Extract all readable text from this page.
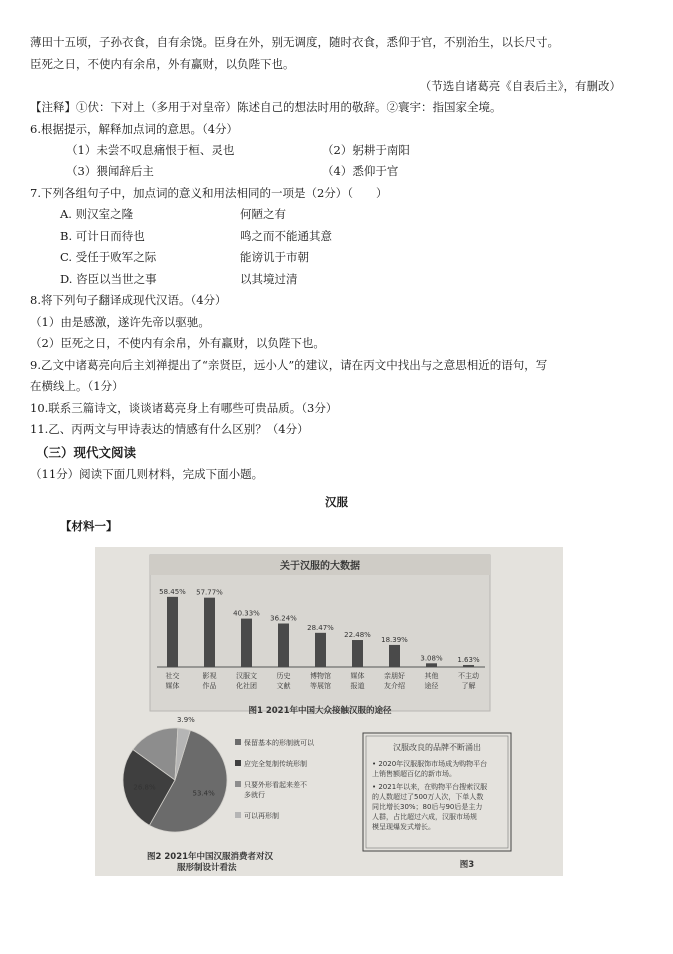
薄田十五顷，子孙衣食，自有余饶。臣身在外，别无调度，随时衣食，悉仰于官，不别治生，以长尺寸。
臣死之日，不使内有余帛，外有赢财，以负陛下也。
（节选自诸葛亮《自表后主》，有删改）
【注释】①伏：下对上（多用于对皇帝）陈述自己的想法时用的敬辞。②寰宇：指国家全境。
6.根据提示，解释加点词的意思。（4分）
（1）未尝不叹息痛恨于桓、灵也	（2）躬耕于南阳
（3）猥闻辞后主	（4）悉仰于官
7.下列各组句子中，加点词的意义和用法相同的一项是（2分）（　　）
A. 则汉室之隆	何陋之有
B. 可计日而待也	鸣之而不能通其意
C. 受任于败军之际	能谤讥于市朝
D. 咨臣以当世之事	以其境过清
8.将下列句子翻译成现代汉语。（4分）
（1）由是感激，遂许先帝以驱驰。
（2）臣死之日，不使内有余帛，外有赢财，以负陛下也。
9.乙文中诸葛亮向后主刘禅提出了“亲贤臣，远小人”的建议，请在丙文中找出与之意思相近的语句，写
在横线上。（1分）
10.联系三篇诗文，谈谈诸葛亮身上有哪些可贵品质。（3分）
11.乙、丙两文与甲诗表达的情感有什么区别？（4分）
（三）现代文阅读
（11分）阅读下面几则材料，完成下面小题。
汉服
【材料一】
关于汉服的大数据
58.45%
社交
媒体
57.77%
影视
作品
40.33%
汉服文
化社团
36.24%
历史
文献
28.47%
博物馆
等展馆
22.48%
媒体
报道
18.39%
亲朋好
友介绍
3.08%
其他
途径
1.63%
不主动
了解
图1 2021年中国大众接触汉服的途径
53.4%
26.8%
3.9%
保留基本的形制就可以
应完全复制传统形制
只要外形看起来差不
多就行
可以再形制
图2 2021年中国汉服消费者对汉
服形制设计看法
汉服改良的品牌不断涌出
• 2020年汉服服饰市场成为购物平台
上销售额超百亿的新市场。
• 2021年以来，在购物平台搜索汉服
的人数超过了500万人次，下单人数
同比增长30%；80后与90后是主力
人群，占比超过六成，汉服市场规
模呈现爆发式增长。
图3
